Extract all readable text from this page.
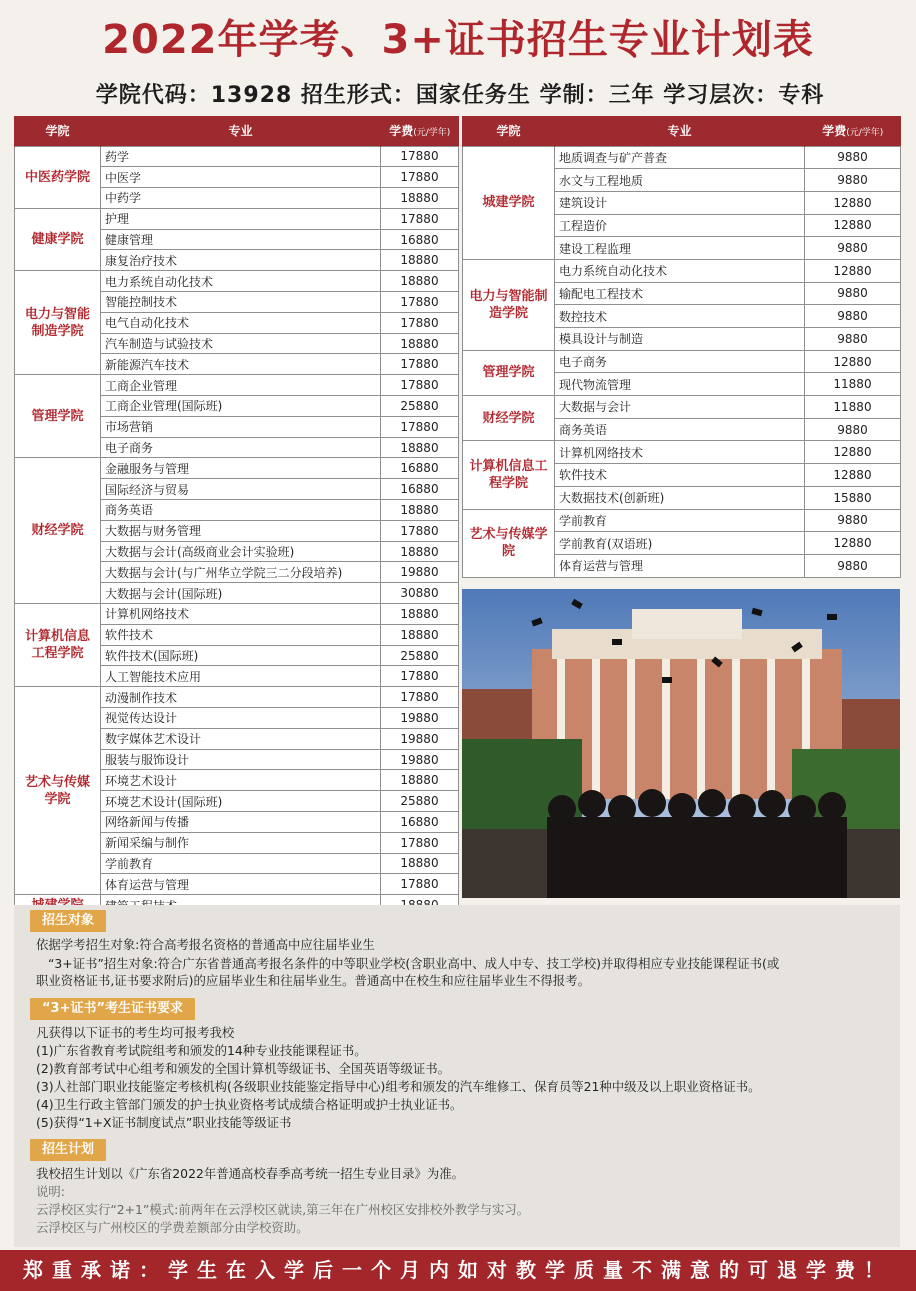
2022年学考、3+证书招生专业计划表
学院代码：13928 招生形式：国家任务生 学制：三年 学习层次：专科
学院	专业	学费(元/学年)
中医药学院	药学	17880
	中医学	17880
	中药学	18880
健康学院	护理	17880
	健康管理	16880
	康复治疗技术	18880
电力与智能制造学院	电力系统自动化技术	18880
	智能控制技术	17880
	电气自动化技术	17880
	汽车制造与试验技术	18880
	新能源汽车技术	17880
管理学院	工商企业管理	17880
	工商企业管理(国际班)	25880
	市场营销	17880
	电子商务	18880
财经学院	金融服务与管理	16880
	国际经济与贸易	16880
	商务英语	18880
	大数据与财务管理	17880
	大数据与会计(高级商业会计实验班)	18880
	大数据与会计(与广州华立学院三二分段培养)	19880
	大数据与会计(国际班)	30880
计算机信息工程学院	计算机网络技术	18880
	软件技术	18880
	软件技术(国际班)	25880
	人工智能技术应用	17880
艺术与传媒学院	动漫制作技术	17880
	视觉传达设计	19880
	数字媒体艺术设计	19880
	服装与服饰设计	19880
	环境艺术设计	18880
	环境艺术设计(国际班)	25880
	网络新闻与传播	16880
	新闻采编与制作	17880
	学前教育	18880
	体育运营与管理	17880

学院	专业	学费(元/学年)
城建学院	地质调查与矿产普查	9880
	水文与工程地质	9880
	建筑设计	12880
	工程造价	12880
	建设工程监理	9880
电力与智能制造学院	电力系统自动化技术	12880
	输配电工程技术	9880
	数控技术	9880
	模具设计与制造	9880
管理学院	电子商务	12880
	现代物流管理	11880
财经学院	大数据与会计	11880
	商务英语	9880
计算机信息工程学院	计算机网络技术	12880
	软件技术	12880
	大数据技术(创新班)	15880
艺术与传媒学院	学前教育	9880
	学前教育(双语班)	12880
	体育运营与管理	9880
招生对象
依据学考招生对象:符合高考报名资格的普通高中应往届毕业生
“3+证书”招生对象:符合广东省普通高考报名条件的中等职业学校(含职业高中、成人中专、技工学校)并取得相应专业技能课程证书(或
职业资格证书,证书要求附后)的应届毕业生和往届毕业生。普通高中在校生和应往届毕业生不得报考。
“3+证书”考生证书要求
凡获得以下证书的考生均可报考我校
(1)广东省教育考试院组考和颁发的14种专业技能课程证书。
(2)教育部考试中心组考和颁发的全国计算机等级证书、全国英语等级证书。
(3)人社部门职业技能鉴定考核机构(各级职业技能鉴定指导中心)组考和颁发的汽车维修工、保育员等21种中级及以上职业资格证书。
(4)卫生行政主管部门颁发的护士执业资格考试成绩合格证明或护士执业证书。
(5)获得“1+X证书制度试点”职业技能等级证书
招生计划
我校招生计划以《广东省2022年普通高校春季高考统一招生专业目录》为准。
说明:
云浮校区实行“2+1”模式:前两年在云浮校区就读,第三年在广州校区安排校外教学与实习。
云浮校区与广州校区的学费差额部分由学校资助。
郑重承诺：学生在入学后一个月内如对教学质量不满意的可退学费！
